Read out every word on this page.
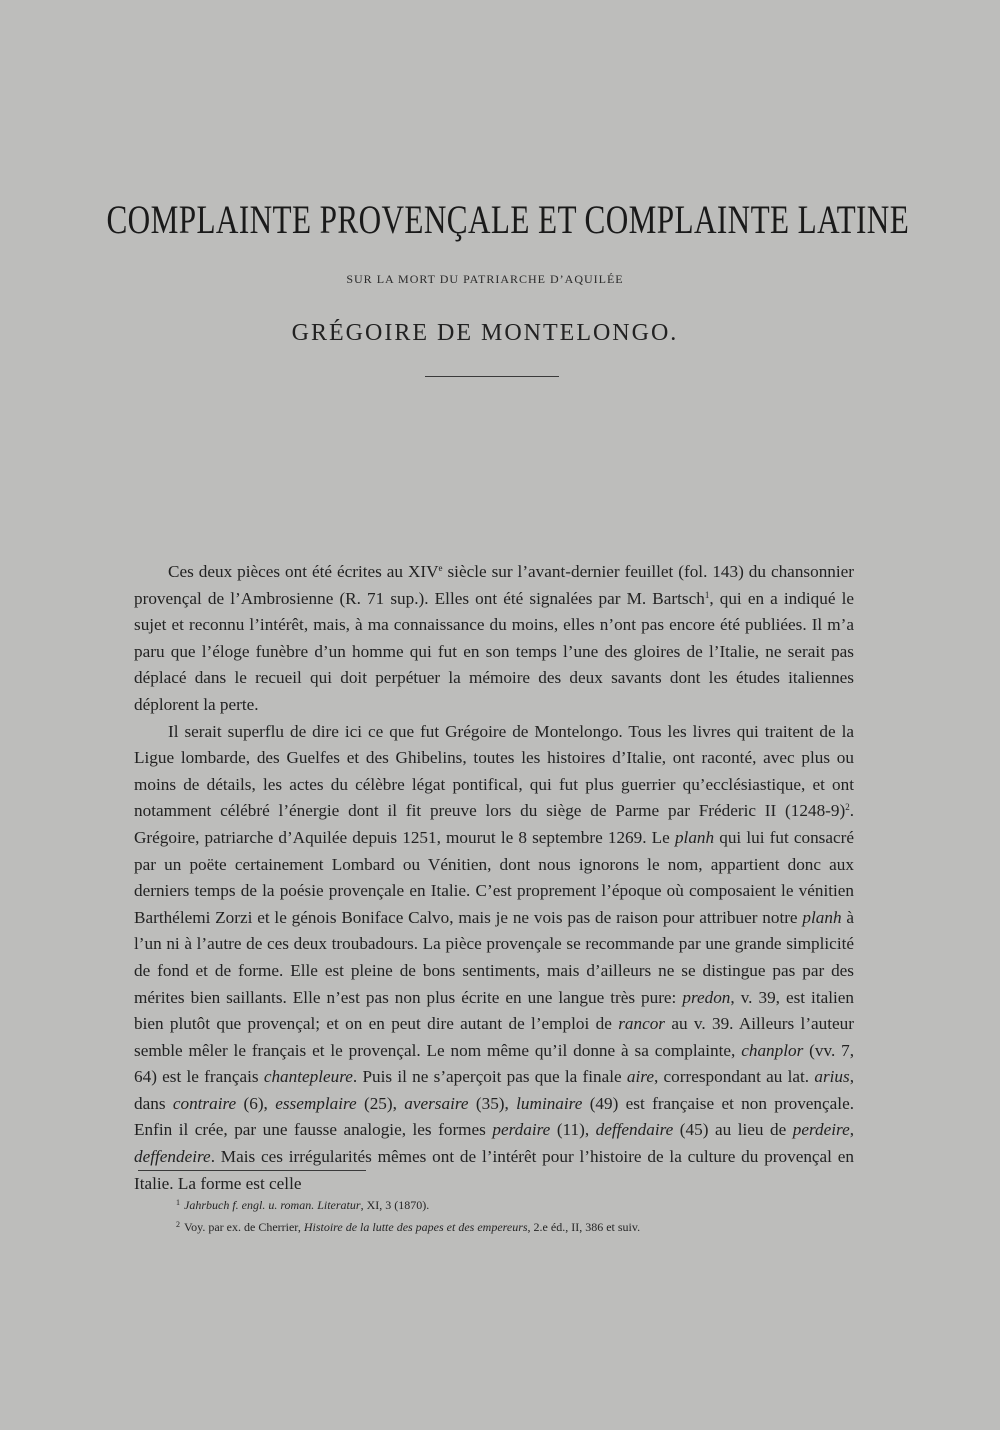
COMPLAINTE PROVENÇALE ET COMPLAINTE LATINE
SUR LA MORT DU PATRIARCHE D’AQUILÉE
GRÉGOIRE DE MONTELONGO.

Ces deux pièces ont été écrites au XIVe siècle sur l’avant-dernier feuillet (fol. 143) du chansonnier provençal de l’Ambrosienne (R. 71 sup.). Elles ont été signalées par M. Bartsch$^1$, qui en a indiqué le sujet et reconnu l’intérêt, mais, à ma connaissance du moins, elles n’ont pas encore été publiées. Il m’a paru que l’éloge funèbre d’un homme qui fut en son temps l’une des gloires de l’Italie, ne serait pas déplacé dans le recueil qui doit perpétuer la mémoire des deux savants dont les études italiennes déplorent la perte.

Il serait superflu de dire ici ce que fut Grégoire de Montelongo. Tous les livres qui traitent de la Ligue lombarde, des Guelfes et des Ghibelins, toutes les histoires d’Italie, ont raconté, avec plus ou moins de détails, les actes du célèbre légat pontifical, qui fut plus guerrier qu’ecclésiastique, et ont notamment célébré l’énergie dont il fit preuve lors du siège de Parme par Fréderic II $(1248-9)^2$. Grégoire, patriarche d’Aquilée depuis 1251, mourut le 8 septembre 1269. Le planh qui lui fut consacré par un poëte certainement Lombard ou Vénitien, dont nous ignorons le nom, appartient donc aux derniers temps de la poésie provençale en Italie. C’est proprement l’époque où composaient le vénitien Barthélemi Zorzi et le génois Boniface Calvo, mais je ne vois pas de raison pour attribuer notre planh à l’un ni à l’autre de ces deux troubadours. La pièce provençale se recommande par une grande simplicité de fond et de forme. Elle est pleine de bons sentiments, mais d’ailleurs ne se distingue pas par des mérites bien saillants. Elle n’est pas non plus écrite en une langue très pure: predon, v. 39, est italien bien plutôt que provençal; et on en peut dire autant de l’emploi de rancor au v. 39. Ailleurs l’auteur semble mêler le français et le provençal. Le nom même qu’il donne à sa complainte, chanplor (vv. 7, 64) est le français chantepleure. Puis il ne s’aperçoit pas que la finale aire, correspondant au lat. arius, dans contraire (6), essemplaire (25), aversaire (35), luminaire (49) est française et non provençale. Enfin il crée, par une fausse analogie, les formes perdaire (11), deffendaire (45) au lieu de perdeire, deffendeire. Mais ces irrégularités mêmes ont de l’intérêt pour l’histoire de la culture du provençal en Italie. La forme est celle

$^1$ Jahrbuch f. engl. u. roman. Literatur, XI, 3 (1870).
$^2$ Voy. par ex. de Cherrier, Histoire de la lutte des papes et des empereurs, 2.e éd., II, 386 et suiv.
